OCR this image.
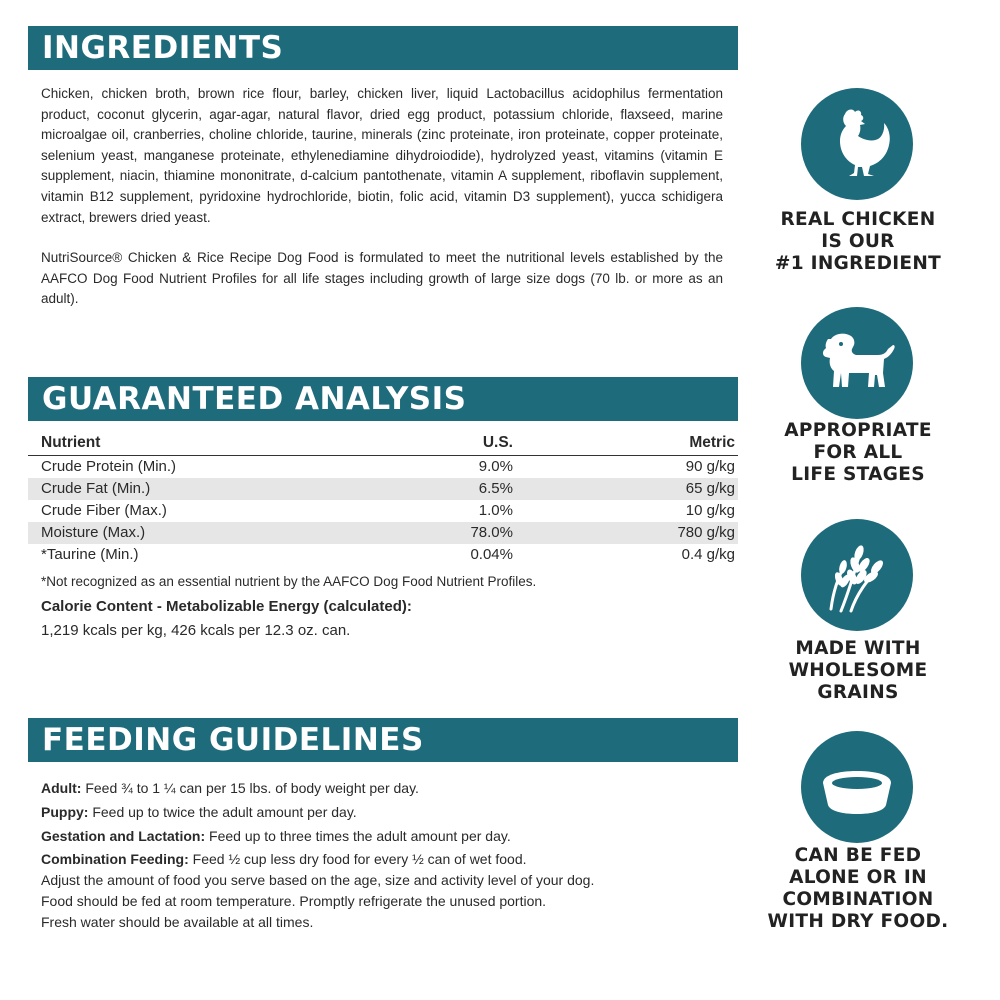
INGREDIENTS

Chicken, chicken broth, brown rice flour, barley, chicken liver, liquid Lactobacillus acidophilus fermentation product, coconut glycerin, agar-agar, natural flavor, dried egg product, potassium chloride, flaxseed, marine microalgae oil, cranberries, choline chloride, taurine, minerals (zinc proteinate, iron proteinate, copper proteinate, selenium yeast, manganese proteinate, ethylenediamine dihydroiodide), hydrolyzed yeast, vitamins (vitamin E supplement, niacin, thiamine mononitrate, d-calcium pantothenate, vitamin A supplement, riboflavin supplement, vitamin B12 supplement, pyridoxine hydrochloride, biotin, folic acid, vitamin D3 supplement), yucca schidigera extract, brewers dried yeast.

NutriSource® Chicken & Rice Recipe Dog Food is formulated to meet the nutritional levels established by the AAFCO Dog Food Nutrient Profiles for all life stages including growth of large size dogs (70 lb. or more as an adult).

GUARANTEED ANALYSIS
Nutrient	U.S.	Metric
Crude Protein (Min.)	9.0%	90 g/kg
Crude Fat (Min.)	6.5%	65 g/kg
Crude Fiber (Max.)	1.0%	10 g/kg
Moisture (Max.)	78.0%	780 g/kg
*Taurine (Min.)	0.04%	0.4 g/kg
*Not recognized as an essential nutrient by the AAFCO Dog Food Nutrient Profiles.
Calorie Content - Metabolizable Energy (calculated):
1,219 kcals per kg, 426 kcals per 12.3 oz. can.
FEEDING GUIDELINES

Adult: Feed ¾ to 1 ¼ can per 15 lbs. of body weight per day.

Puppy: Feed up to twice the adult amount per day.

Gestation and Lactation: Feed up to three times the adult amount per day.

Combination Feeding: Feed ½ cup less dry food for every ½ can of wet food.

Adjust the amount of food you serve based on the age, size and activity level of your dog.

Food should be fed at room temperature. Promptly refrigerate the unused portion.

Fresh water should be available at all times.

REAL CHICKEN
IS OUR
#1 INGREDIENT
APPROPRIATE
FOR ALL
LIFE STAGES
MADE WITH
WHOLESOME
GRAINS
CAN BE FED
ALONE OR IN
COMBINATION
WITH DRY FOOD.
